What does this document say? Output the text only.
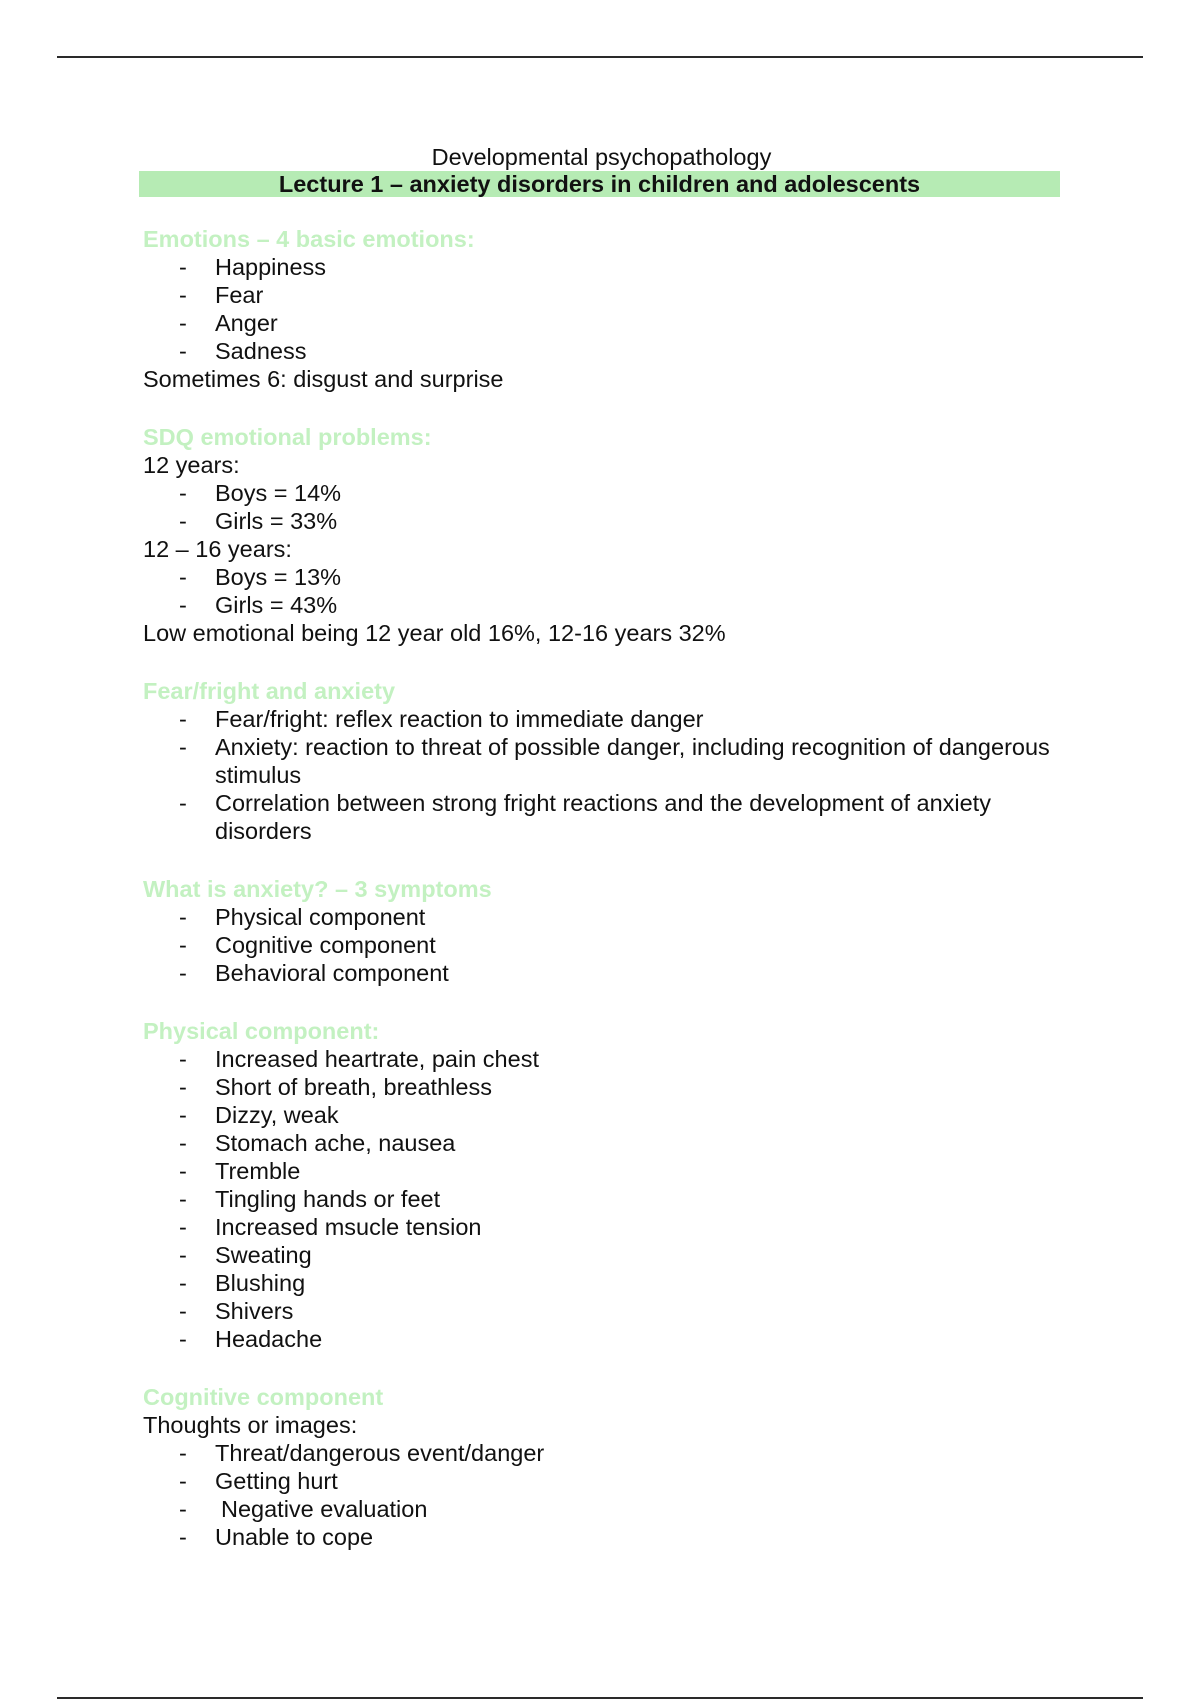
Developmental psychopathology

Lecture 1 – anxiety disorders in children and adolescents

Emotions – 4 basic emotions:

- Happiness
- Fear
- Anger
- Sadness

Sometimes 6: disgust and surprise

SDQ emotional problems:

12 years:

- Boys = 14%
- Girls = 33%

12 – 16 years:

- Boys = 13%
- Girls = 43%

Low emotional being 12 year old 16%, 12-16 years 32%

Fear/fright and anxiety

- Fear/fright: reflex reaction to immediate danger
- Anxiety: reaction to threat of possible danger, including recognition of dangerous stimulus
- Correlation between strong fright reactions and the development of anxiety disorders

What is anxiety? – 3 symptoms

- Physical component
- Cognitive component
- Behavioral component

Physical component:

- Increased heartrate, pain chest
- Short of breath, breathless
- Dizzy, weak
- Stomach ache, nausea
- Tremble
- Tingling hands or feet
- Increased msucle tension
- Sweating
- Blushing
- Shivers
- Headache

Cognitive component

Thoughts or images:

- Threat/dangerous event/danger
- Getting hurt
- Negative evaluation
- Unable to cope
